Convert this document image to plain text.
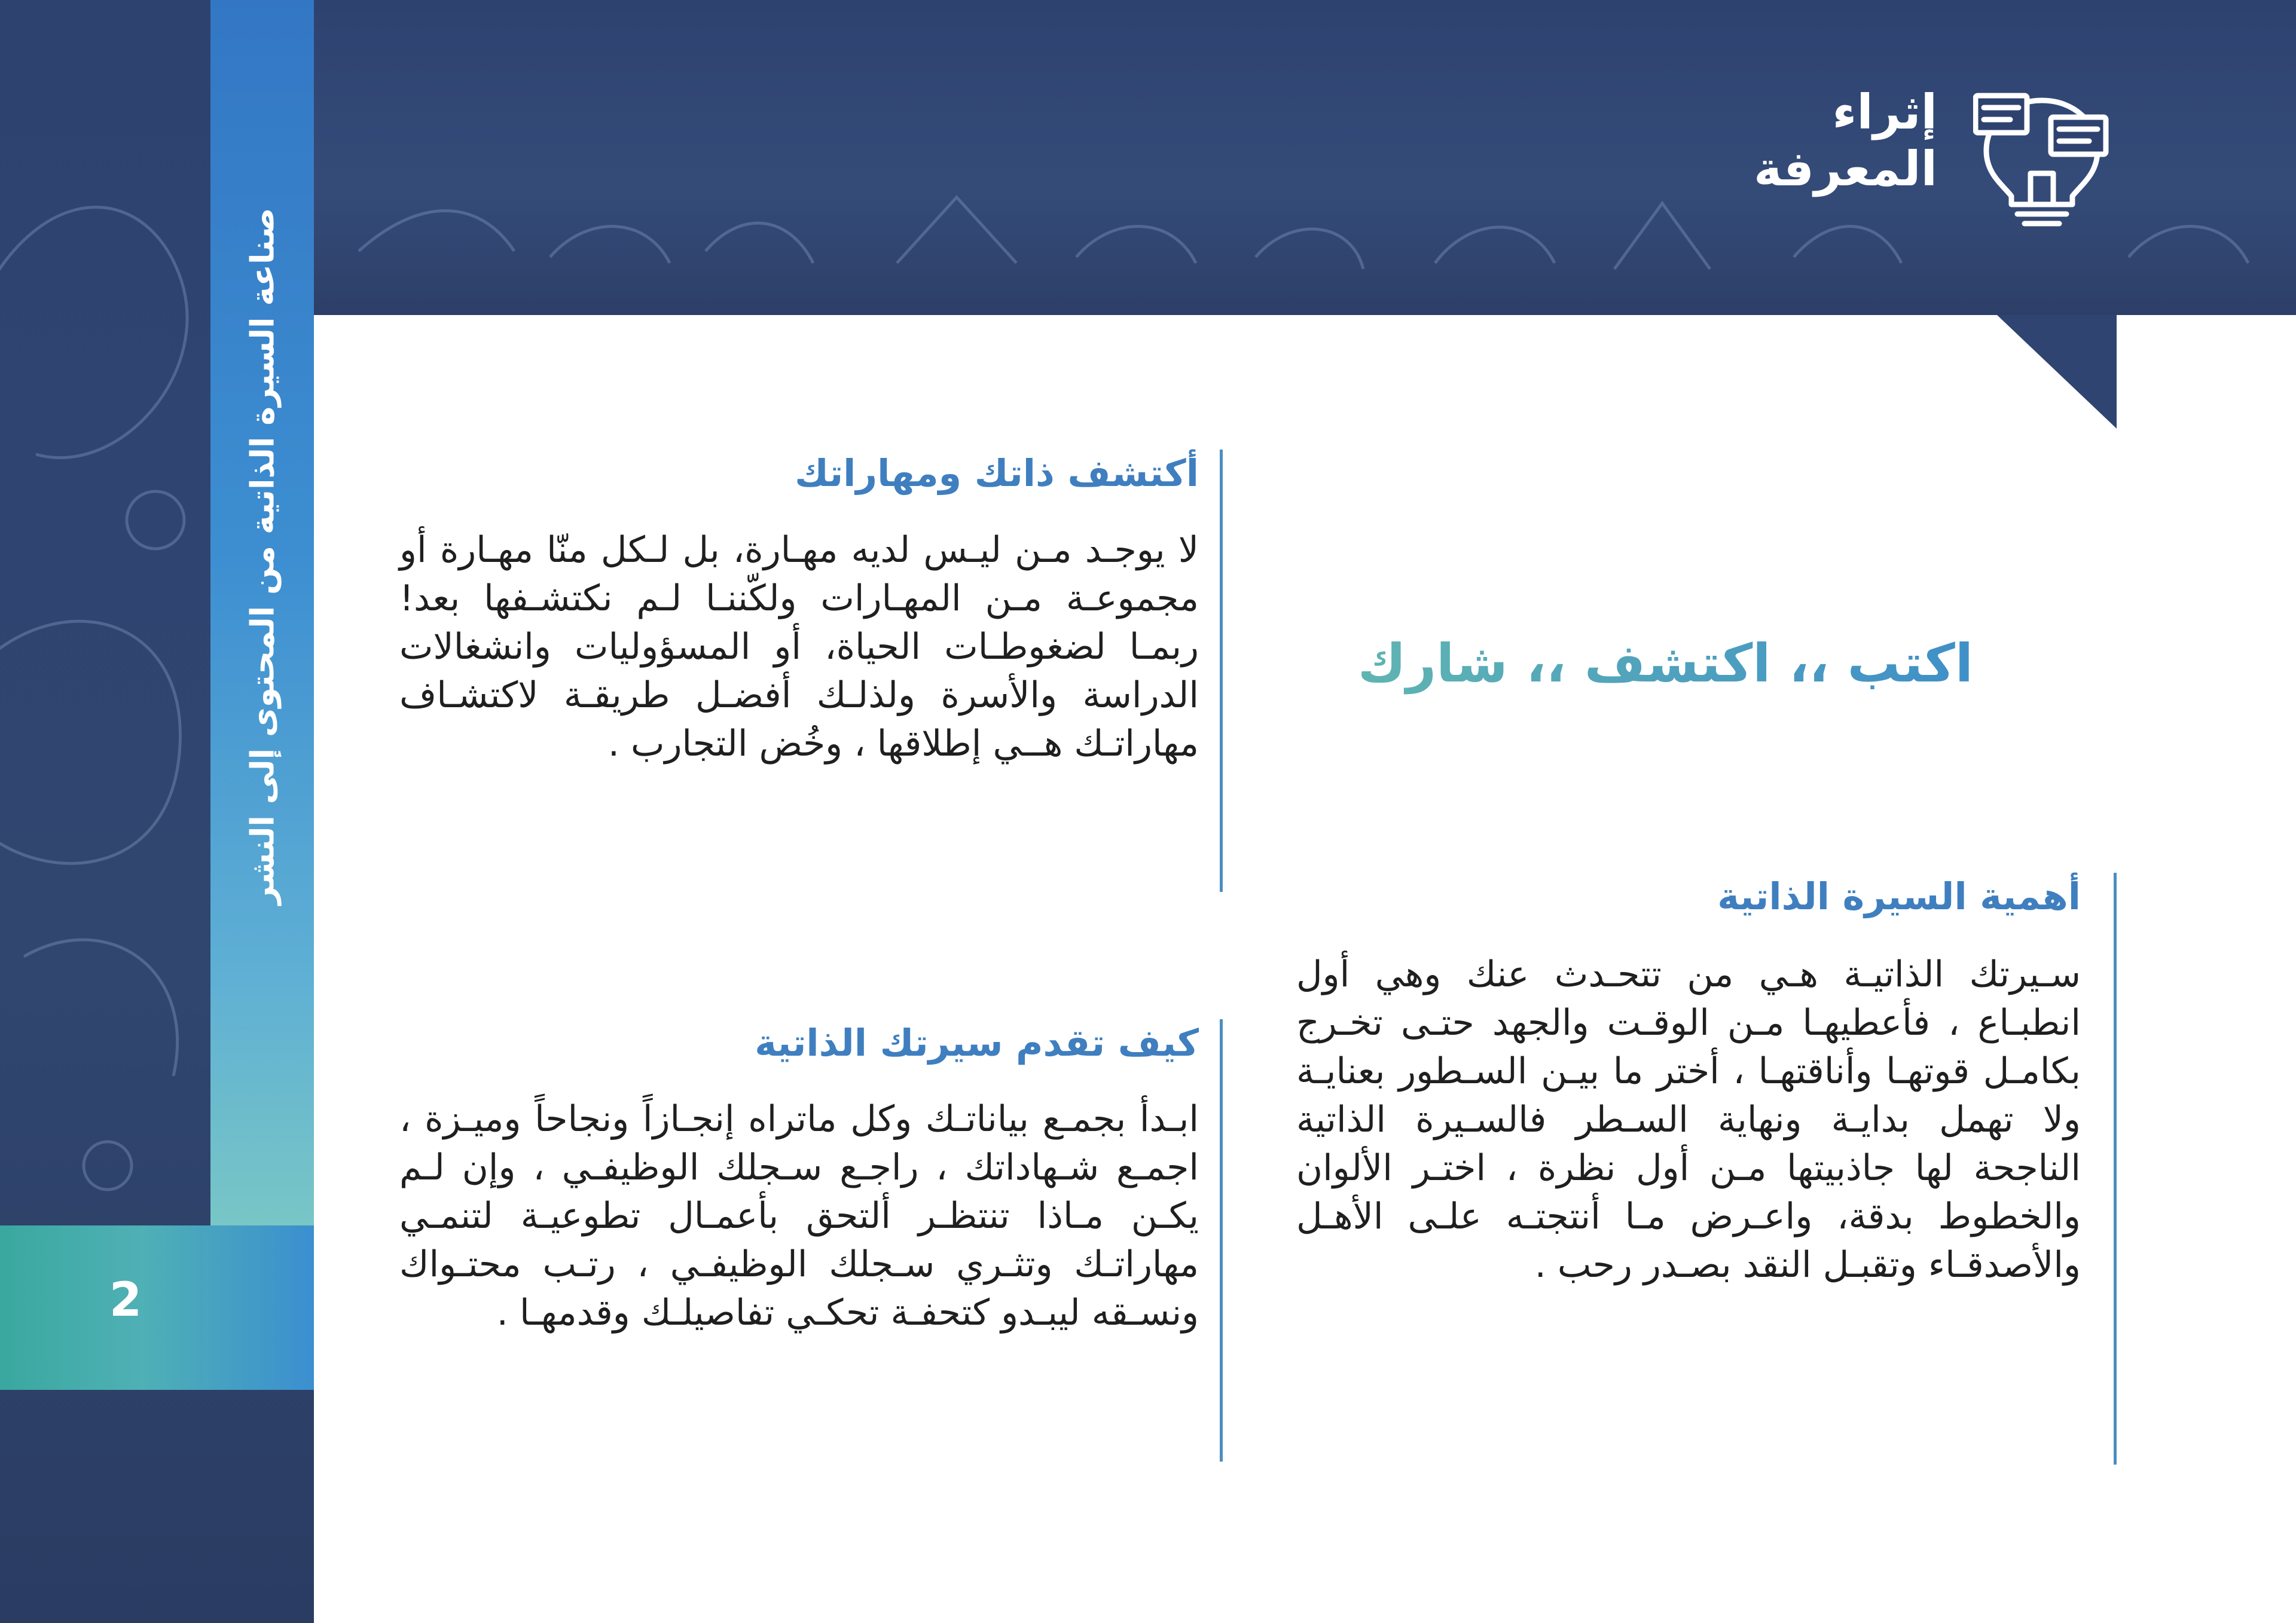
صناعة السيرة الذاتية من المحتوى إلى النشر
2
إثراء
المعرفة
اكتب ،، اكتشف ،، شارك
أكتشف ذاتك ومهاراتك
لا يوجـد مـن ليـس لديه مهـارة، بل لـكل منّا مهـارة أو مجموعـة مـن المهـارات ولكّننـا لـم نكتشـفها بعد! ربمـا لضغوطـات الحياة، أو المسؤوليات وانشغالات الدراسة والأسرة ولذلـك أفضـل طريقـة لاكتشـاف مهاراتـك هــي إطلاقها ، وخُض التجارب .
كيف تقدم سيرتك الذاتية
ابـدأ بجمـع بياناتـك وكل ماتراه إنجـازاً ونجاحاً وميـزة ، اجمـع شـهاداتك ، راجـع سـجلك الوظيفـي ، وإن لـم يكـن مـاذا تنتظـر ألتحق بأعمـال تطوعيـة لتنمـي مهاراتـك وتثـري سـجلك الوظيفـي ، رتـب محتـواك ونسـقه ليبـدو كتحفـة تحكـي تفاصيلـك وقدمهـا .
أهمية السيرة الذاتية
سـيرتك الذاتيـة هـي من تتحـدث عنك وهي أول انطبـاع ، فأعطيهـا مـن الوقـت والجهد حتـى تخـرج بكامـل قوتهـا وأناقتهـا ، أختر ما بيـن السـطور بعنايـة ولا تهمل بدايـة ونهاية السـطر فالسـيرة الذاتية الناجحة لها جاذبيتها مـن أول نظرة ، اختـر الألوان والخطوط بدقة، واعـرض مـا أنتجتـه علـى الأهـل والأصدقـاء وتقبـل النقد بصـدر رحب .
